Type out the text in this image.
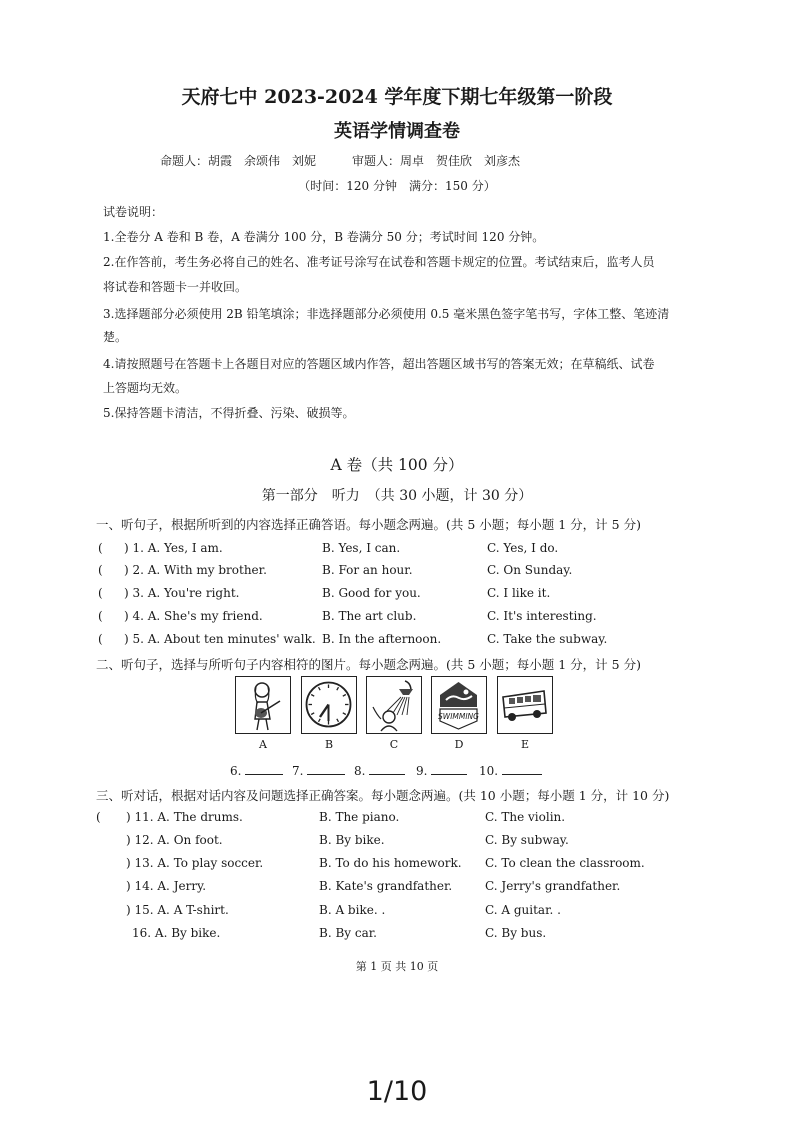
天府七中 2023-2024 学年度下期七年级第一阶段
英语学情调查卷
命题人：胡霞　余颂伟　刘妮　　　审题人：周卓　贺佳欣　刘彦杰
（时间：120 分钟　满分：150 分）
试卷说明：
1.全卷分 A 卷和 B 卷，A 卷满分 100 分，B 卷满分 50 分；考试时间 120 分钟。
2.在作答前，考生务必将自己的姓名、准考证号涂写在试卷和答题卡规定的位置。考试结束后，监考人员
将试卷和答题卡一并收回。
3.选择题部分必须使用 2B 铅笔填涂；非选择题部分必须使用 0.5 毫米黑色签字笔书写，字体工整、笔迹清
楚。
4.请按照题号在答题卡上各题目对应的答题区域内作答，超出答题区域书写的答案无效；在草稿纸、试卷
上答题均无效。
5.保持答题卡清洁，不得折叠、污染、破损等。
A 卷（共 100 分）
第一部分　听力　（共 30 小题，计 30 分）
一、听句子，根据所听到的内容选择正确答语。每小题念两遍。(共 5 小题；每小题 1 分，计 5 分)
( ) 1. A. Yes, I am.	B. Yes, I can.	C. Yes, I do.
( ) 2. A. With my brother.	B. For an hour.	C. On Sunday.
( ) 3. A. You're right.	B. Good for you.	C. I like it.
( ) 4. A. She's my friend.	B. The art club.	C. It's interesting.
( ) 5. A. About ten minutes' walk. B. In the afternoon.	C. Take the subway.
二、听句子，选择与所听句子内容相符的图片。每小题念两遍。(共 5 小题；每小题 1 分，计 5 分)
SWIMMING
A	B	C	D	E
6.	7.	8.	9.	10.
三、听对话，根据对话内容及问题选择正确答案。每小题念两遍。(共 10 小题；每小题 1 分，计 10 分)
( ) 11. A. The drums.	B. The piano.	C. The violin.
) 12. A. On foot.	B. By bike.	C. By subway.
) 13. A. To play soccer.	B. To do his homework. C. To clean the classroom.
) 14. A. Jerry.	B. Kate's grandfather.	C. Jerry's grandfather.
) 15. A. A T-shirt.	B. A bike. .	C. A guitar. .
16. A. By bike.	B. By car.	C. By bus.
第 1 页 共 10 页
1/10
